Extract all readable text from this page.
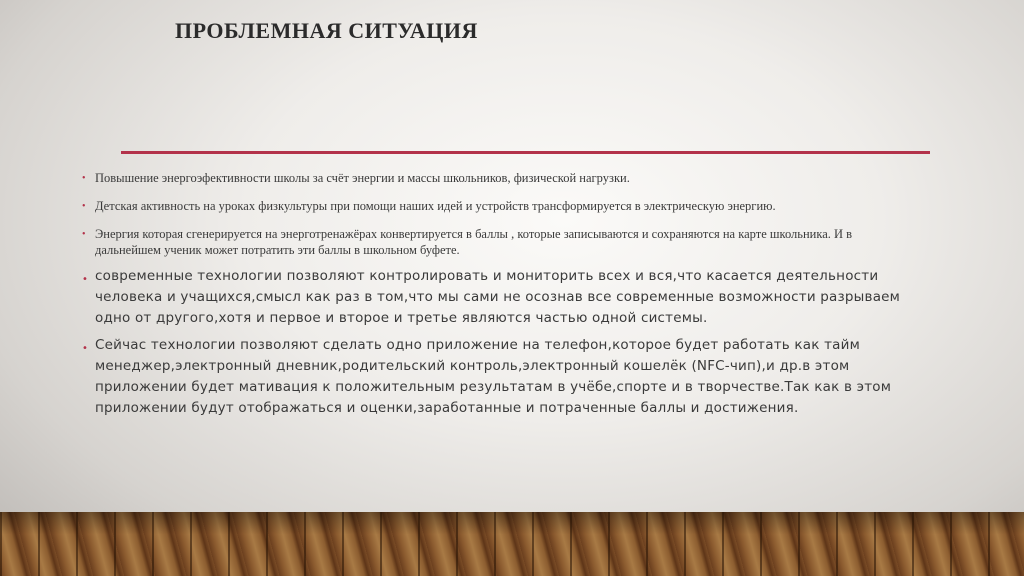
ПРОБЛЕМНАЯ СИТУАЦИЯ
• Повышение энергоэфективности школы за счёт энергии и массы школьников, физической нагрузки.
• Детская активность на уроках физкультуры при помощи наших идей и устройств трансформируется в электрическую энергию.
• Энергия которая сгенерируется на энерготренажёрах конвертируется в баллы , которые записываются и сохраняются на карте школьника. И в дальнейшем ученик может потратить эти баллы в школьном буфете.
• современные технологии позволяют контролировать и мониторить всех и вся,что касается деятельности человека и учащихся,смысл как раз в том,что мы сами не осознав все современные возможности разрываем одно от другого,хотя и первое и второе и третье являются частью одной системы.
• Сейчас технологии позволяют сделать одно приложение на телефон,которое будет работать как тайм менеджер,электронный дневник,родительский контроль,электронный кошелёк (NFC-чип),и др.в этом приложении будет мативация к положительным результатам в учёбе,спорте и в творчестве.Так как в этом приложении будут отображаться и оценки,заработанные и потраченные баллы и достижения.
